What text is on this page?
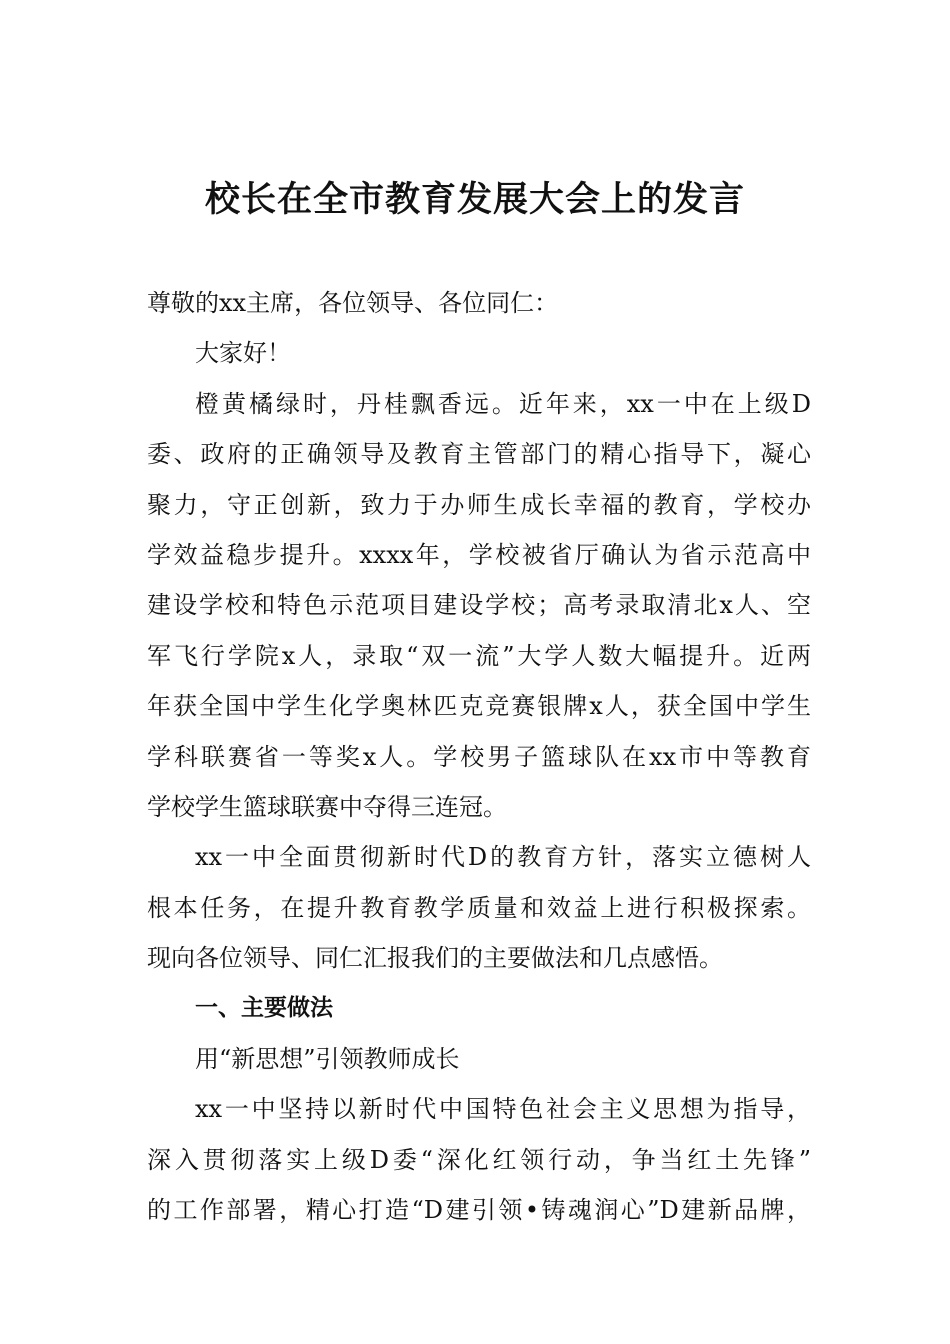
校长在全市教育发展大会上的发言
尊敬的xx主席，各位领导、各位同仁：
大家好！
橙黄橘绿时，丹桂飘香远。近年来，xx一中在上级D
委、政府的正确领导及教育主管部门的精心指导下，凝心
聚力，守正创新，致力于办师生成长幸福的教育，学校办
学效益稳步提升。xxxx年，学校被省厅确认为省示范高中
建设学校和特色示范项目建设学校；高考录取清北x人、空
军飞行学院x人，录取“双一流”大学人数大幅提升。近两
年获全国中学生化学奥林匹克竞赛银牌x人，获全国中学生
学科联赛省一等奖x人。学校男子篮球队在xx市中等教育
学校学生篮球联赛中夺得三连冠。
xx一中全面贯彻新时代D的教育方针，落实立德树人
根本任务，在提升教育教学质量和效益上进行积极探索。
现向各位领导、同仁汇报我们的主要做法和几点感悟。
一、主要做法
用“新思想”引领教师成长
xx一中坚持以新时代中国特色社会主义思想为指导，
深入贯彻落实上级D委“深化红领行动，争当红土先锋”
的工作部署，精心打造“D建引领•铸魂润心”D建新品牌，
